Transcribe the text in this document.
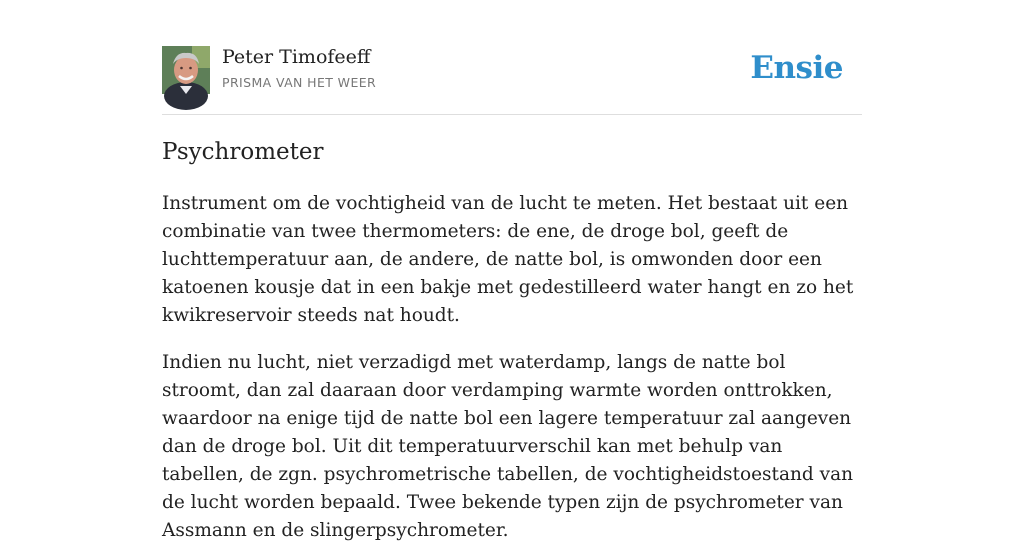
Peter Timofeeff
PRISMA VAN HET WEER	Ensie
Psychrometer

Instrument om de vochtigheid van de lucht te meten. Het bestaat uit een combinatie van twee thermometers: de ene, de droge bol, geeft de luchttemperatuur aan, de andere, de natte bol, is omwonden door een katoenen kousje dat in een bakje met gedestilleerd water hangt en zo het kwikreservoir steeds nat houdt.

Indien nu lucht, niet verzadigd met waterdamp, langs de natte bol stroomt, dan zal daaraan door verdamping warmte worden onttrokken, waardoor na enige tijd de natte bol een lagere temperatuur zal aangeven dan de droge bol. Uit dit temperatuurverschil kan met behulp van tabellen, de zgn. psychrometrische tabellen, de vochtigheidstoestand van de lucht worden bepaald. Twee bekende typen zijn de psychrometer van Assmann en de slingerpsychrometer.
